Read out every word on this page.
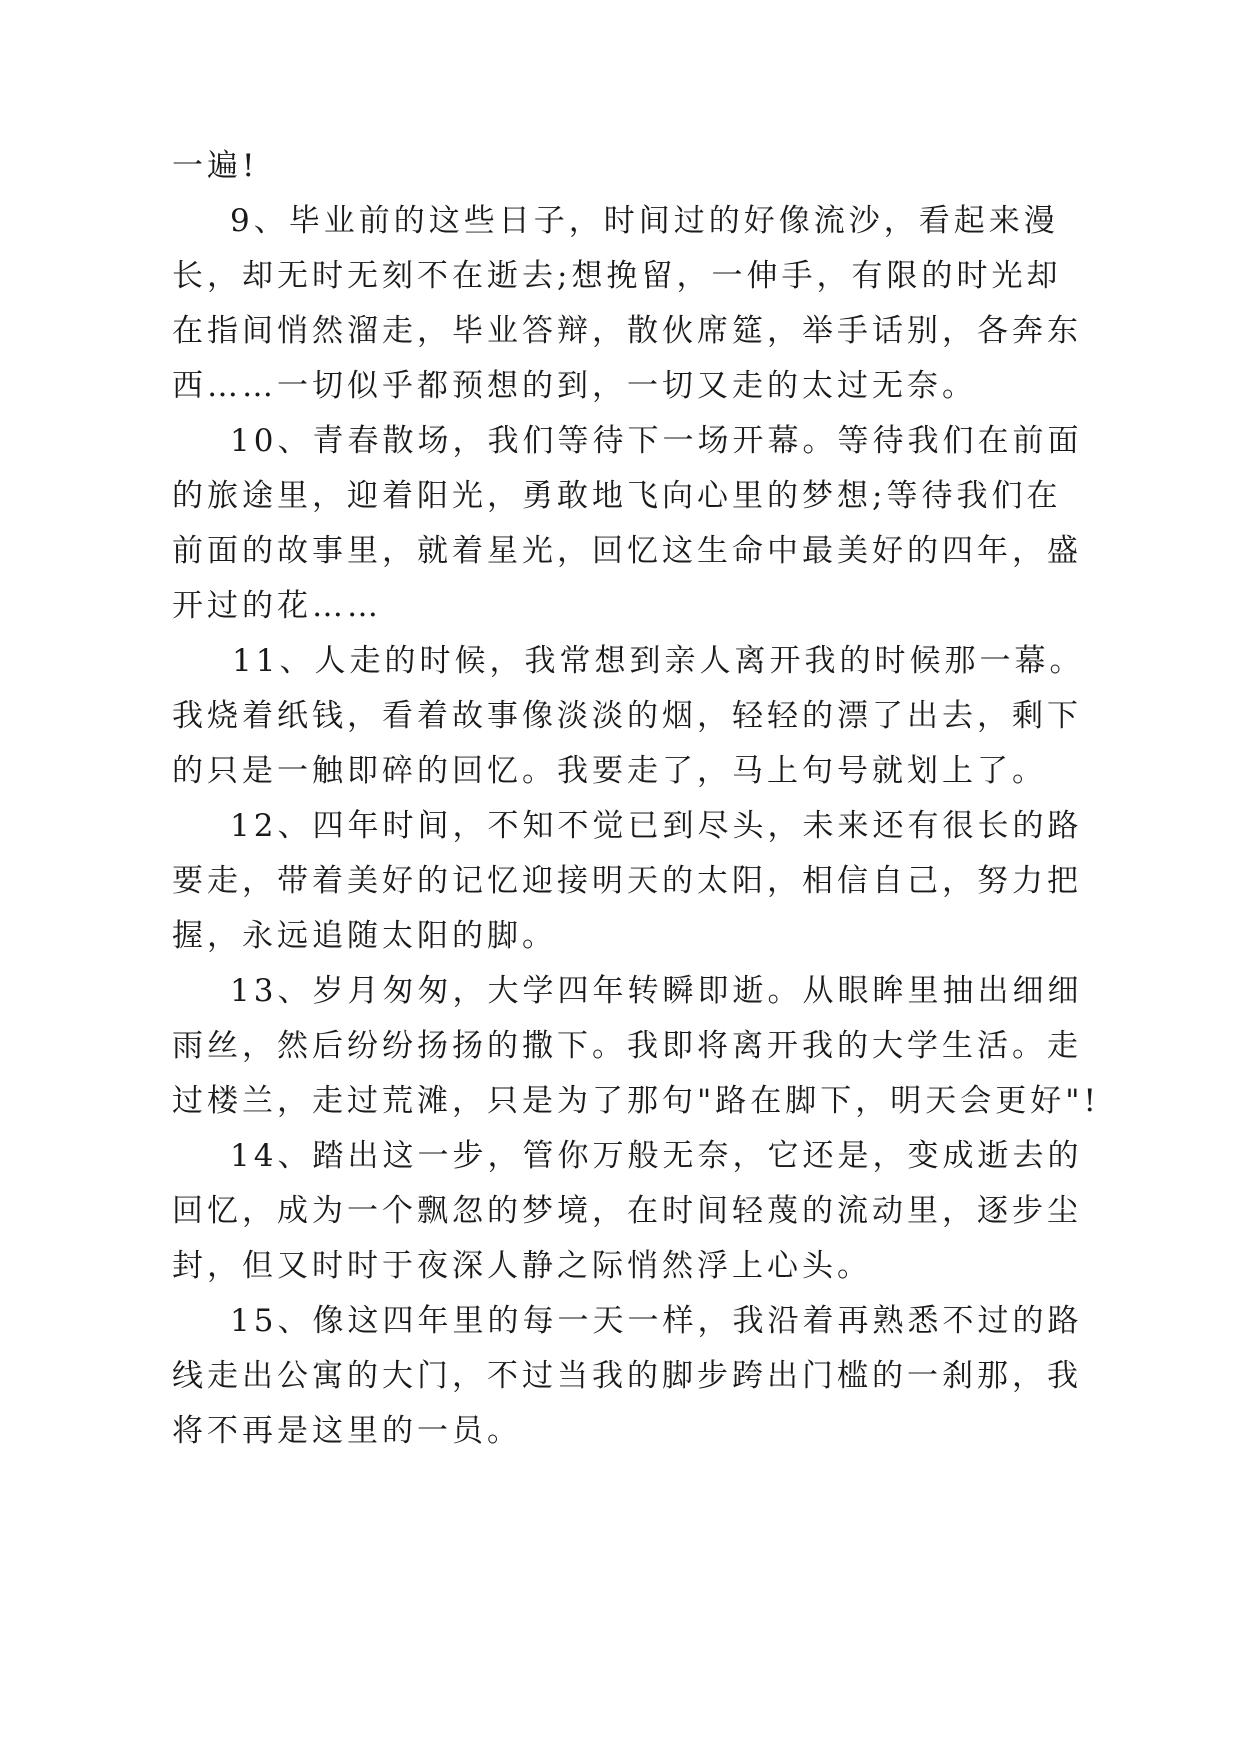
一遍!
9、毕业前的这些日子，时间过的好像流沙，看起来漫
长，却无时无刻不在逝去;想挽留，一伸手，有限的时光却
在指间悄然溜走，毕业答辩，散伙席筵，举手话别，各奔东
西……一切似乎都预想的到，一切又走的太过无奈。
10、青春散场，我们等待下一场开幕。等待我们在前面
的旅途里，迎着阳光，勇敢地飞向心里的梦想;等待我们在
前面的故事里，就着星光，回忆这生命中最美好的四年，盛
开过的花……
11、人走的时候，我常想到亲人离开我的时候那一幕。
我烧着纸钱，看着故事像淡淡的烟，轻轻的漂了出去，剩下
的只是一触即碎的回忆。我要走了，马上句号就划上了。
12、四年时间，不知不觉已到尽头，未来还有很长的路
要走，带着美好的记忆迎接明天的太阳，相信自己，努力把
握，永远追随太阳的脚。
13、岁月匆匆，大学四年转瞬即逝。从眼眸里抽出细细
雨丝，然后纷纷扬扬的撒下。我即将离开我的大学生活。走
过楼兰，走过荒滩，只是为了那句"路在脚下，明天会更好"!
14、踏出这一步，管你万般无奈，它还是，变成逝去的
回忆，成为一个飘忽的梦境，在时间轻蔑的流动里，逐步尘
封，但又时时于夜深人静之际悄然浮上心头。
15、像这四年里的每一天一样，我沿着再熟悉不过的路
线走出公寓的大门，不过当我的脚步跨出门槛的一刹那，我
将不再是这里的一员。
